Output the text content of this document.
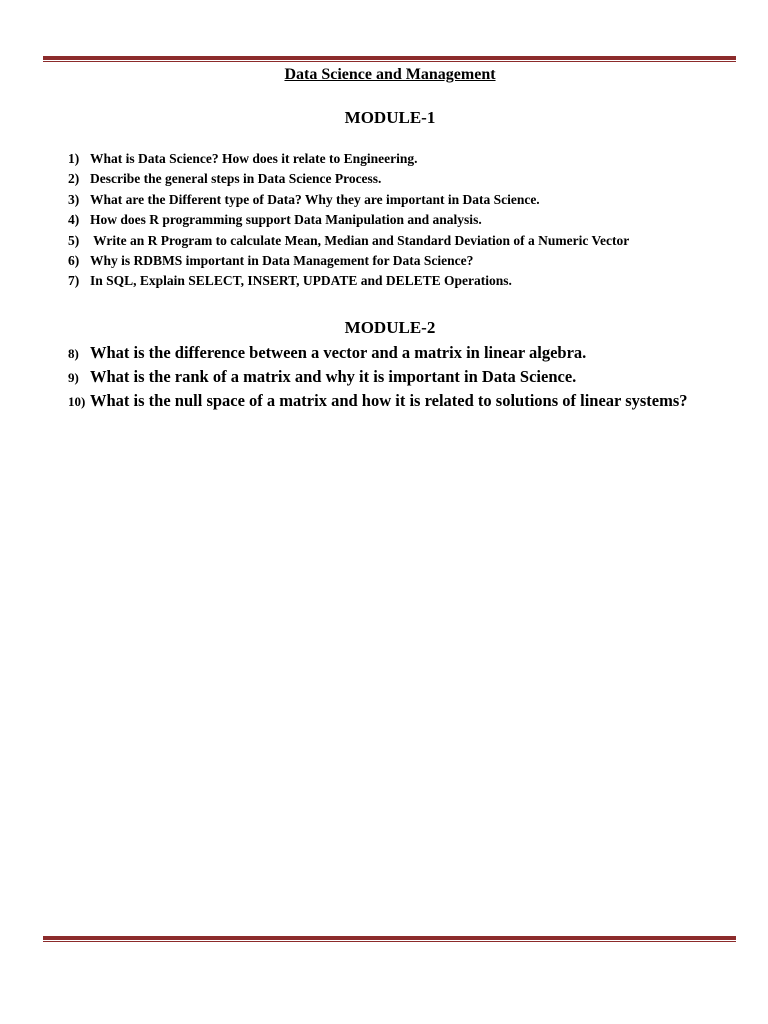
Data Science and Management
MODULE-1
1) What is Data Science? How does it relate to Engineering.
2) Describe the general steps in Data Science Process.
3) What are the Different type of Data? Why they are important in Data Science.
4) How does R programming support Data Manipulation and analysis.
5) Write an R Program to calculate Mean, Median and Standard Deviation of a Numeric Vector
6) Why is RDBMS important in Data Management for Data Science?
7) In SQL, Explain SELECT, INSERT, UPDATE and DELETE Operations.
MODULE-2
8) What is the difference between a vector and a matrix in linear algebra.
9) What is the rank of a matrix and why it is important in Data Science.
10) What is the null space of a matrix and how it is related to solutions of linear systems?
